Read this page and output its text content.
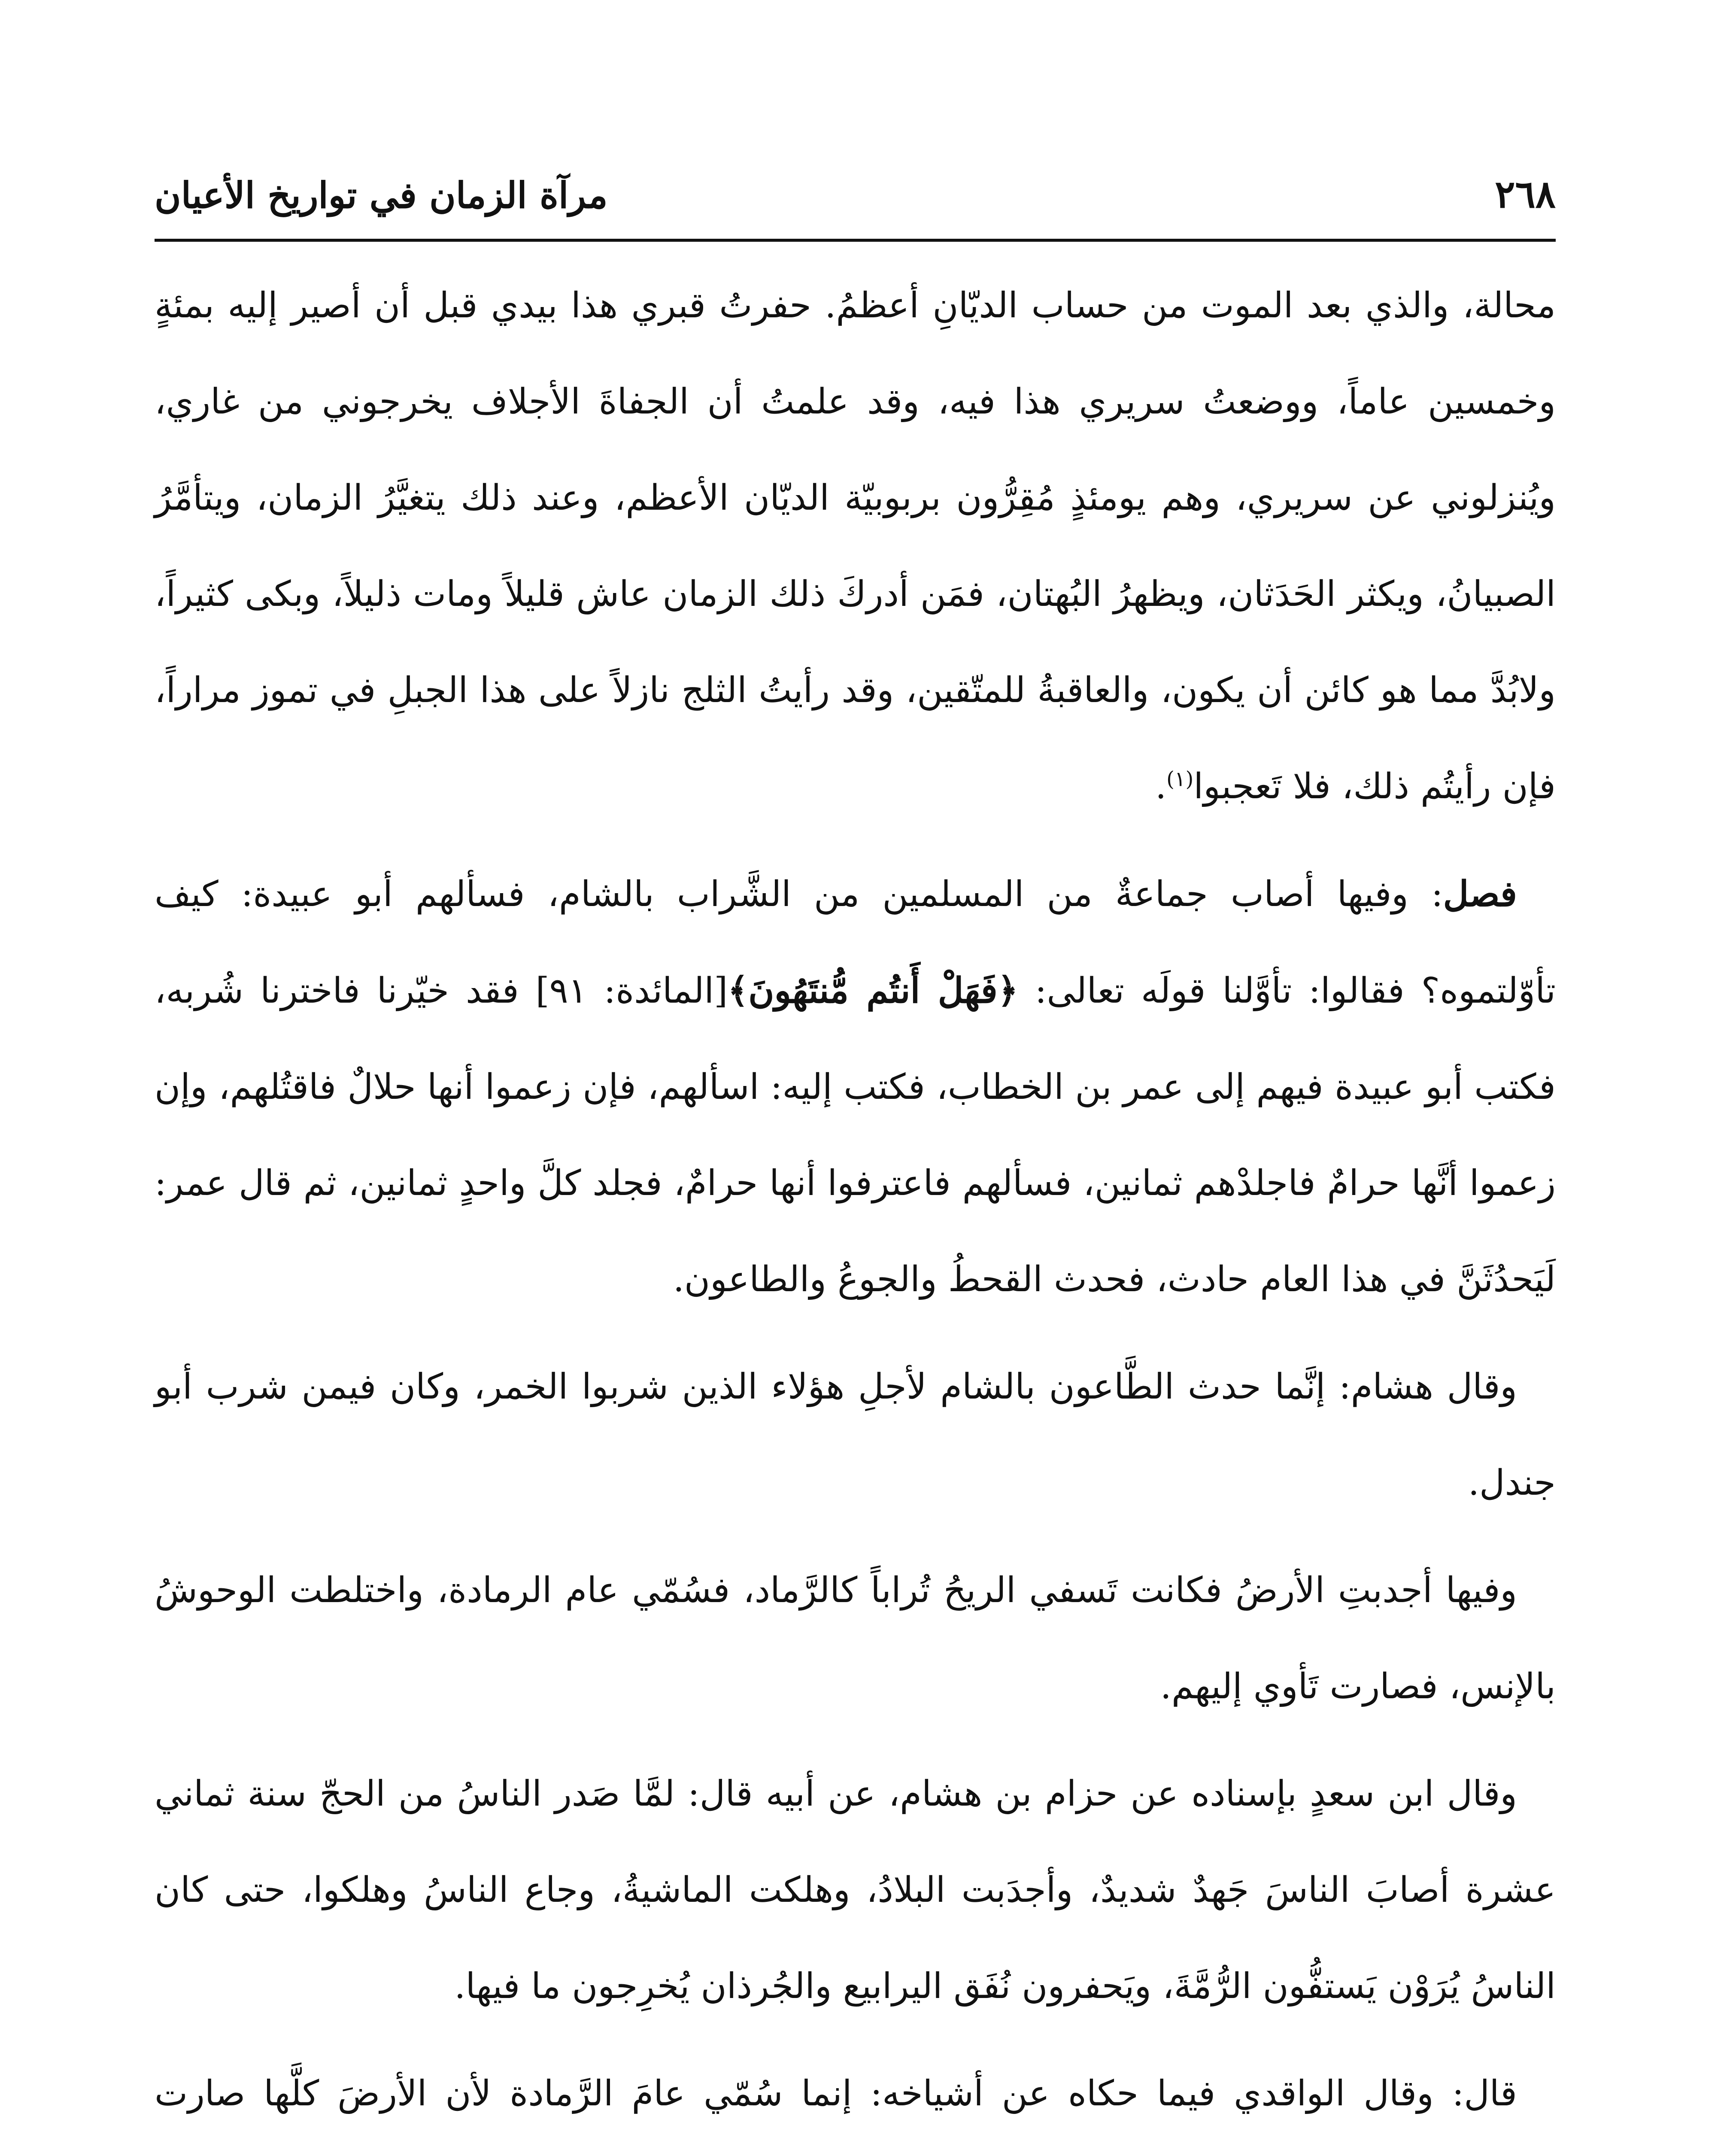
مرآة الزمان في تواريخ الأعيان	٢٦٨

محالة، والذي بعد الموت من حساب الديّانِ أعظمُ. حفرتُ قبري هذا بيدي قبل أن أصير إليه بمئةٍ وخمسين عاماً، ووضعتُ سريري هذا فيه، وقد علمتُ أن الجفاةَ الأجلاف يخرجوني من غاري، ويُنزلوني عن سريري، وهم يومئذٍ مُقِرُّون بربوبيّة الديّان الأعظم، وعند ذلك يتغيَّرُ الزمان، ويتأمَّرُ الصبيانُ، ويكثر الحَدَثان، ويظهرُ البُهتان، فمَن أدركَ ذلك الزمان عاش قليلاً ومات ذليلاً، وبكى كثيراً، ولابُدَّ مما هو كائن أن يكون، والعاقبةُ للمتّقين، وقد رأيتُ الثلج نازلاً على هذا الجبلِ في تموز مراراً، فإن رأيتُم ذلك، فلا تَعجبوا$^{(١)}$.

فصل: وفيها أصاب جماعةٌ من المسلمين من الشَّراب بالشام، فسألهم أبو عبيدة: كيف تأوّلتموه؟ فقالوا: تأوَّلنا قولَه تعالى: ﴿فَهَلْ أَنتُم مُّنتَهُونَ﴾[المائدة: ٩١] فقد خيّرنا فاخترنا شُربه، فكتب أبو عبيدة فيهم إلى عمر بن الخطاب، فكتب إليه: اسألهم، فإن زعموا أنها حلالٌ فاقتُلهم، وإن زعموا أنَّها حرامٌ فاجلدْهم ثمانين، فسألهم فاعترفوا أنها حرامٌ، فجلد كلَّ واحدٍ ثمانين، ثم قال عمر: لَيَحدُثَنَّ في هذا العام حادث، فحدث القحطُ والجوعُ والطاعون.

وقال هشام: إنَّما حدث الطَّاعون بالشام لأجلِ هؤلاء الذين شربوا الخمر، وكان فيمن شرب أبو جندل.

وفيها أجدبتِ الأرضُ فكانت تَسفي الريحُ تُراباً كالرَّماد، فسُمّي عام الرمادة، واختلطت الوحوشُ بالإنس، فصارت تَأوي إليهم.

وقال ابن سعدٍ بإسناده عن حزام بن هشام، عن أبيه قال: لمَّا صَدر الناسُ من الحجّ سنة ثماني عشرة أصابَ الناسَ جَهدٌ شديدٌ، وأجدَبت البلادُ، وهلكت الماشيةُ، وجاع الناسُ وهلكوا، حتى كان الناسُ يُرَوْن يَستفُّون الرُّمَّةَ، ويَحفرون نُفَق اليرابيع والجُرذان يُخرِجون ما فيها.

قال: وقال الواقدي فيما حكاه عن أشياخه: إنما سُمّي عامَ الرَّمادة لأن الأرضَ كلَّها صارت
